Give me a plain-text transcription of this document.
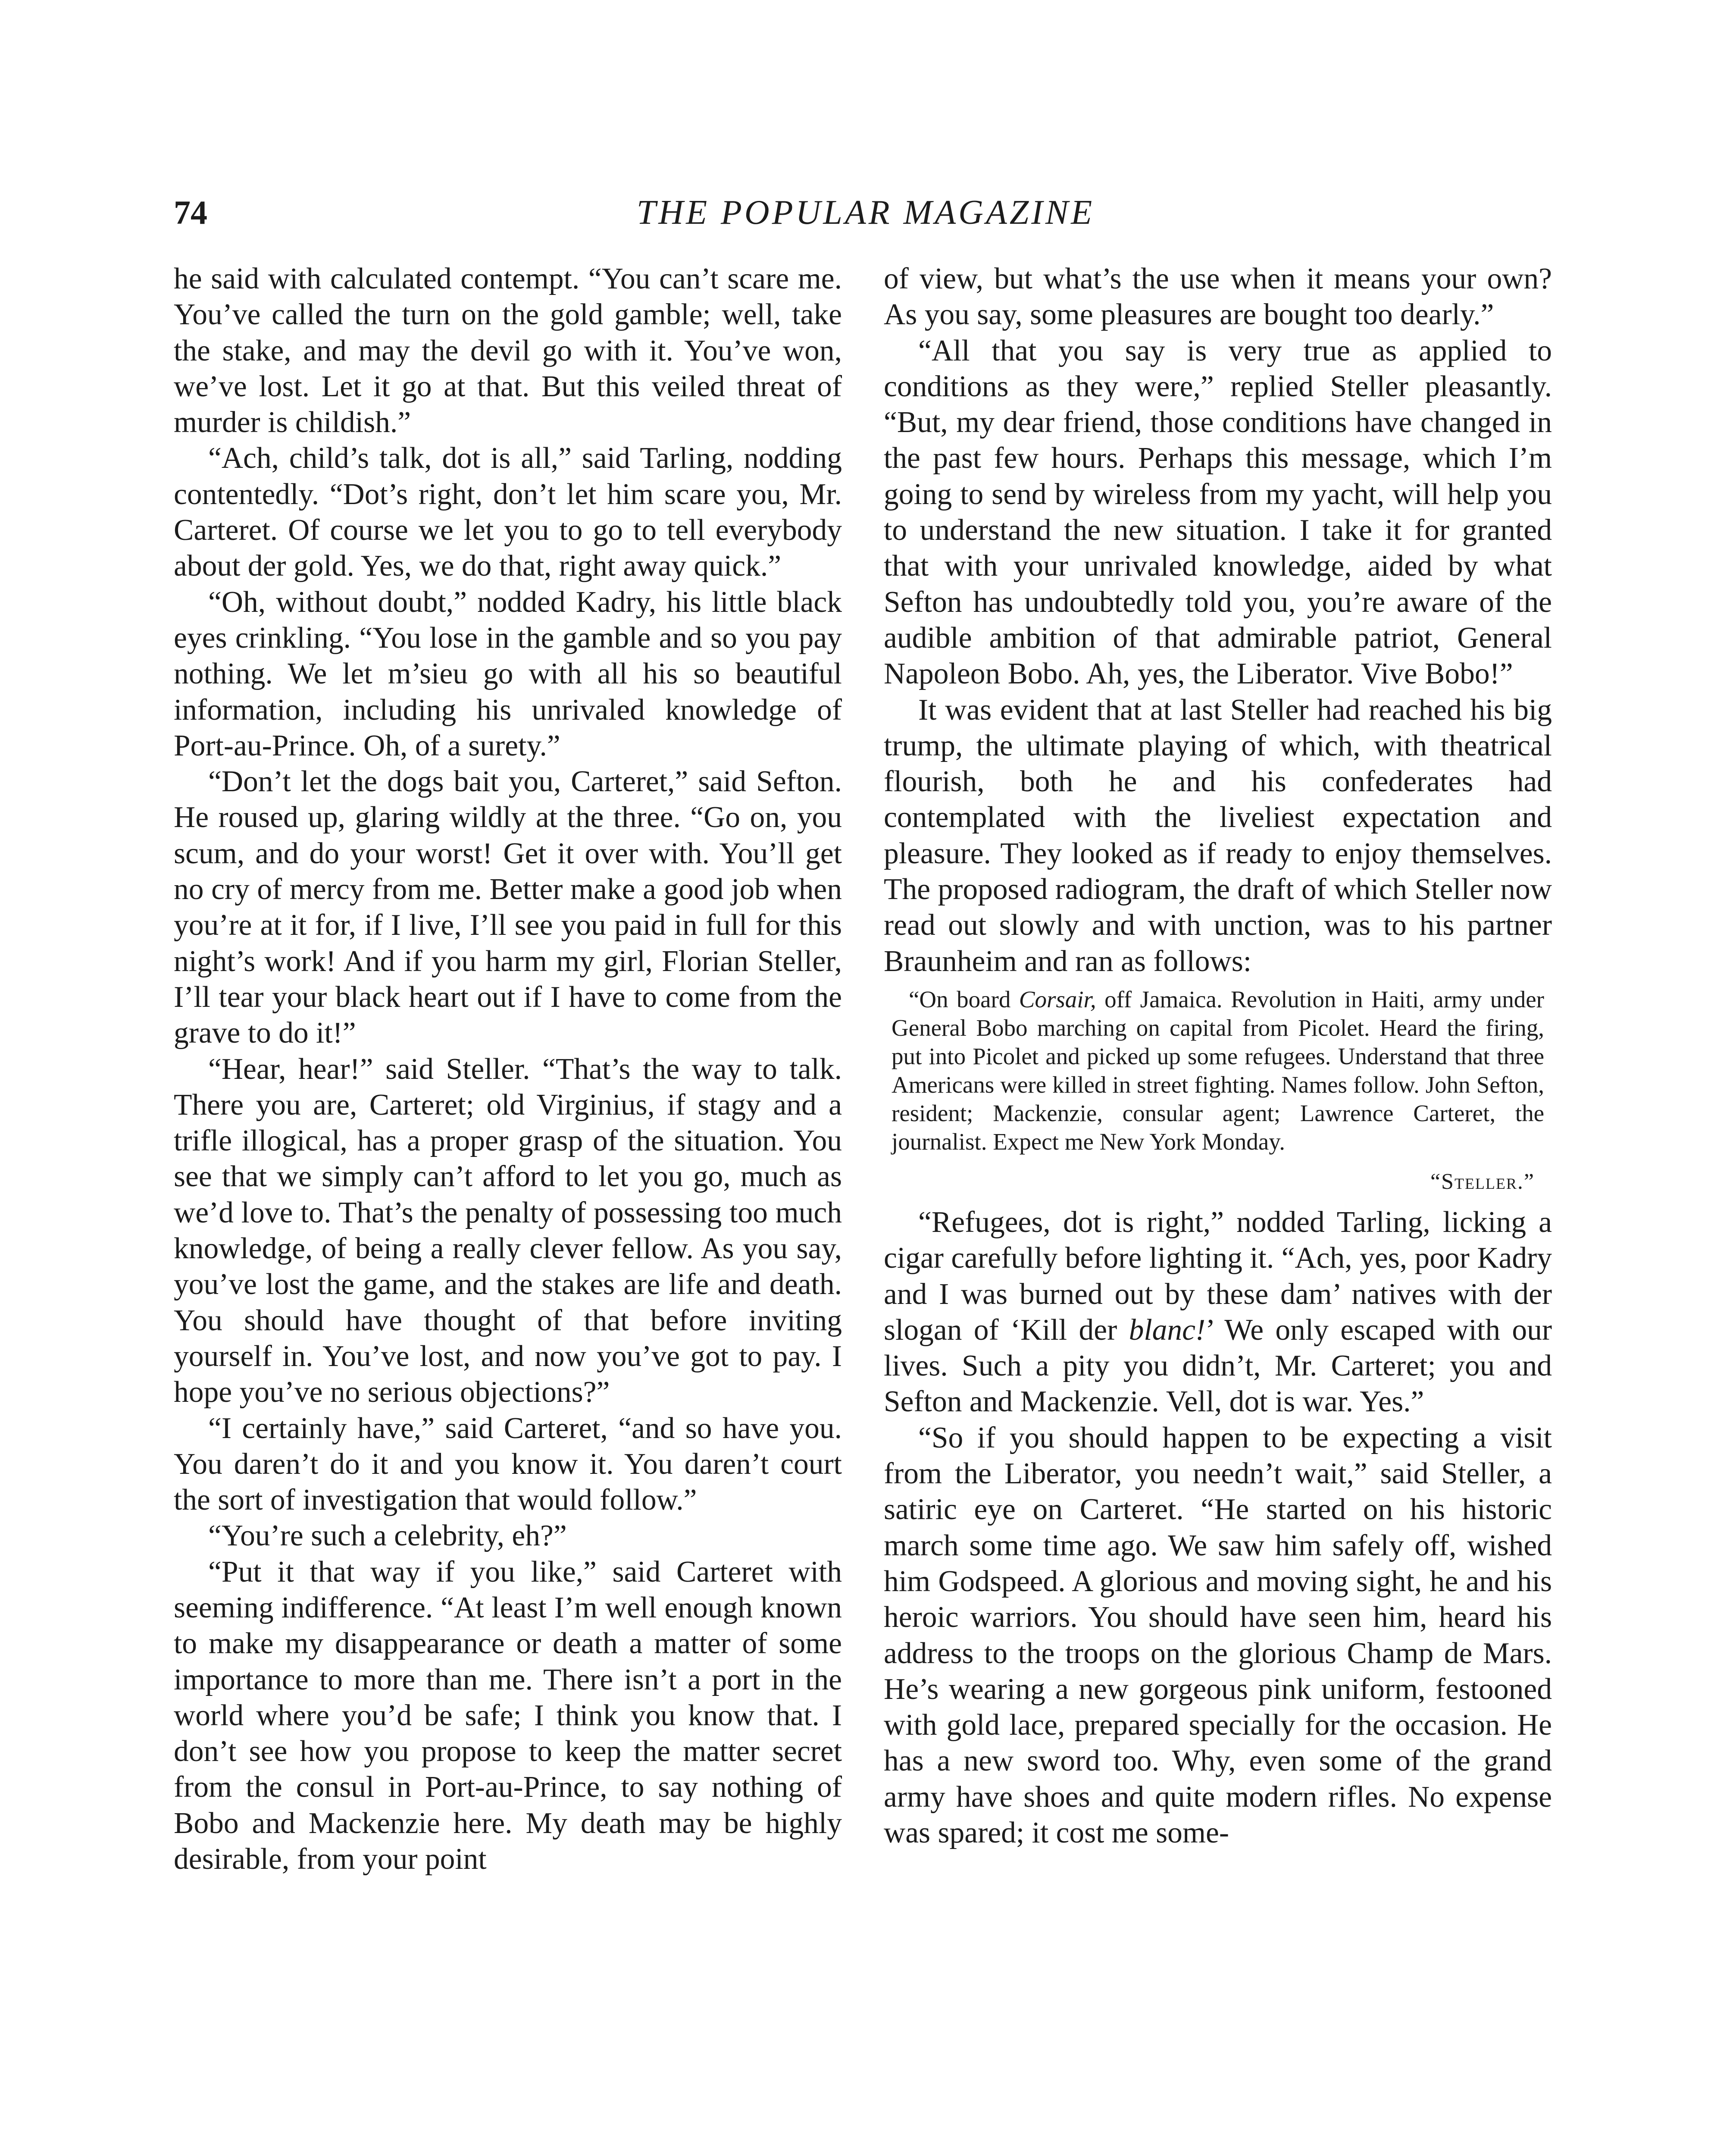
74	THE POPULAR MAGAZINE

he said with calculated contempt. “You can’t scare me. You’ve called the turn on the gold gamble; well, take the stake, and may the devil go with it. You’ve won, we’ve lost. Let it go at that. But this veiled threat of murder is childish.”

“Ach, child’s talk, dot is all,” said Tarling, nodding contentedly. “Dot’s right, don’t let him scare you, Mr. Carteret. Of course we let you to go to tell everybody about der gold. Yes, we do that, right away quick.”

“Oh, without doubt,” nodded Kadry, his little black eyes crinkling. “You lose in the gamble and so you pay nothing. We let m’sieu go with all his so beautiful information, including his unrivaled knowledge of Port-au-Prince. Oh, of a surety.”

“Don’t let the dogs bait you, Carteret,” said Sefton. He roused up, glaring wildly at the three. “Go on, you scum, and do your worst! Get it over with. You’ll get no cry of mercy from me. Better make a good job when you’re at it for, if I live, I’ll see you paid in full for this night’s work! And if you harm my girl, Florian Steller, I’ll tear your black heart out if I have to come from the grave to do it!”

“Hear, hear!” said Steller. “That’s the way to talk. There you are, Carteret; old Virginius, if stagy and a trifle illogical, has a proper grasp of the situation. You see that we simply can’t afford to let you go, much as we’d love to. That’s the penalty of possessing too much knowledge, of being a really clever fellow. As you say, you’ve lost the game, and the stakes are life and death. You should have thought of that before inviting yourself in. You’ve lost, and now you’ve got to pay. I hope you’ve no serious objections?”

“I certainly have,” said Carteret, “and so have you. You daren’t do it and you know it. You daren’t court the sort of investigation that would follow.”

“You’re such a celebrity, eh?”

“Put it that way if you like,” said Carteret with seeming indifference. “At least I’m well enough known to make my disappearance or death a matter of some importance to more than me. There isn’t a port in the world where you’d be safe; I think you know that. I don’t see how you propose to keep the matter secret from the consul in Port-au-Prince, to say nothing of Bobo and Mackenzie here. My death may be highly desirable, from your point

of view, but what’s the use when it means your own? As you say, some pleasures are bought too dearly.”

“All that you say is very true as applied to conditions as they were,” replied Steller pleasantly. “But, my dear friend, those conditions have changed in the past few hours. Perhaps this message, which I’m going to send by wireless from my yacht, will help you to understand the new situation. I take it for granted that with your unrivaled knowledge, aided by what Sefton has undoubtedly told you, you’re aware of the audible ambition of that admirable patriot, General Napoleon Bobo. Ah, yes, the Liberator. Vive Bobo!”

It was evident that at last Steller had reached his big trump, the ultimate playing of which, with theatrical flourish, both he and his confederates had contemplated with the liveliest expectation and pleasure. They looked as if ready to enjoy themselves. The proposed radiogram, the draft of which Steller now read out slowly and with unction, was to his partner Braunheim and ran as follows:

“On board Corsair, off Jamaica. Revolution in Haiti, army under General Bobo marching on capital from Picolet. Heard the firing, put into Picolet and picked up some refugees. Understand that three Americans were killed in street fighting. Names follow. John Sefton, resident; Mackenzie, consular agent; Lawrence Carteret, the journalist. Expect me New York Monday.
“Steller.”

“Refugees, dot is right,” nodded Tarling, licking a cigar carefully before lighting it. “Ach, yes, poor Kadry and I was burned out by these dam’ natives with der slogan of ‘Kill der blanc!’ We only escaped with our lives. Such a pity you didn’t, Mr. Carteret; you and Sefton and Mackenzie. Vell, dot is war. Yes.”

“So if you should happen to be expecting a visit from the Liberator, you needn’t wait,” said Steller, a satiric eye on Carteret. “He started on his historic march some time ago. We saw him safely off, wished him Godspeed. A glorious and moving sight, he and his heroic warriors. You should have seen him, heard his address to the troops on the glorious Champ de Mars. He’s wearing a new gorgeous pink uniform, festooned with gold lace, prepared specially for the occasion. He has a new sword too. Why, even some of the grand army have shoes and quite modern rifles. No expense was spared; it cost me some-
